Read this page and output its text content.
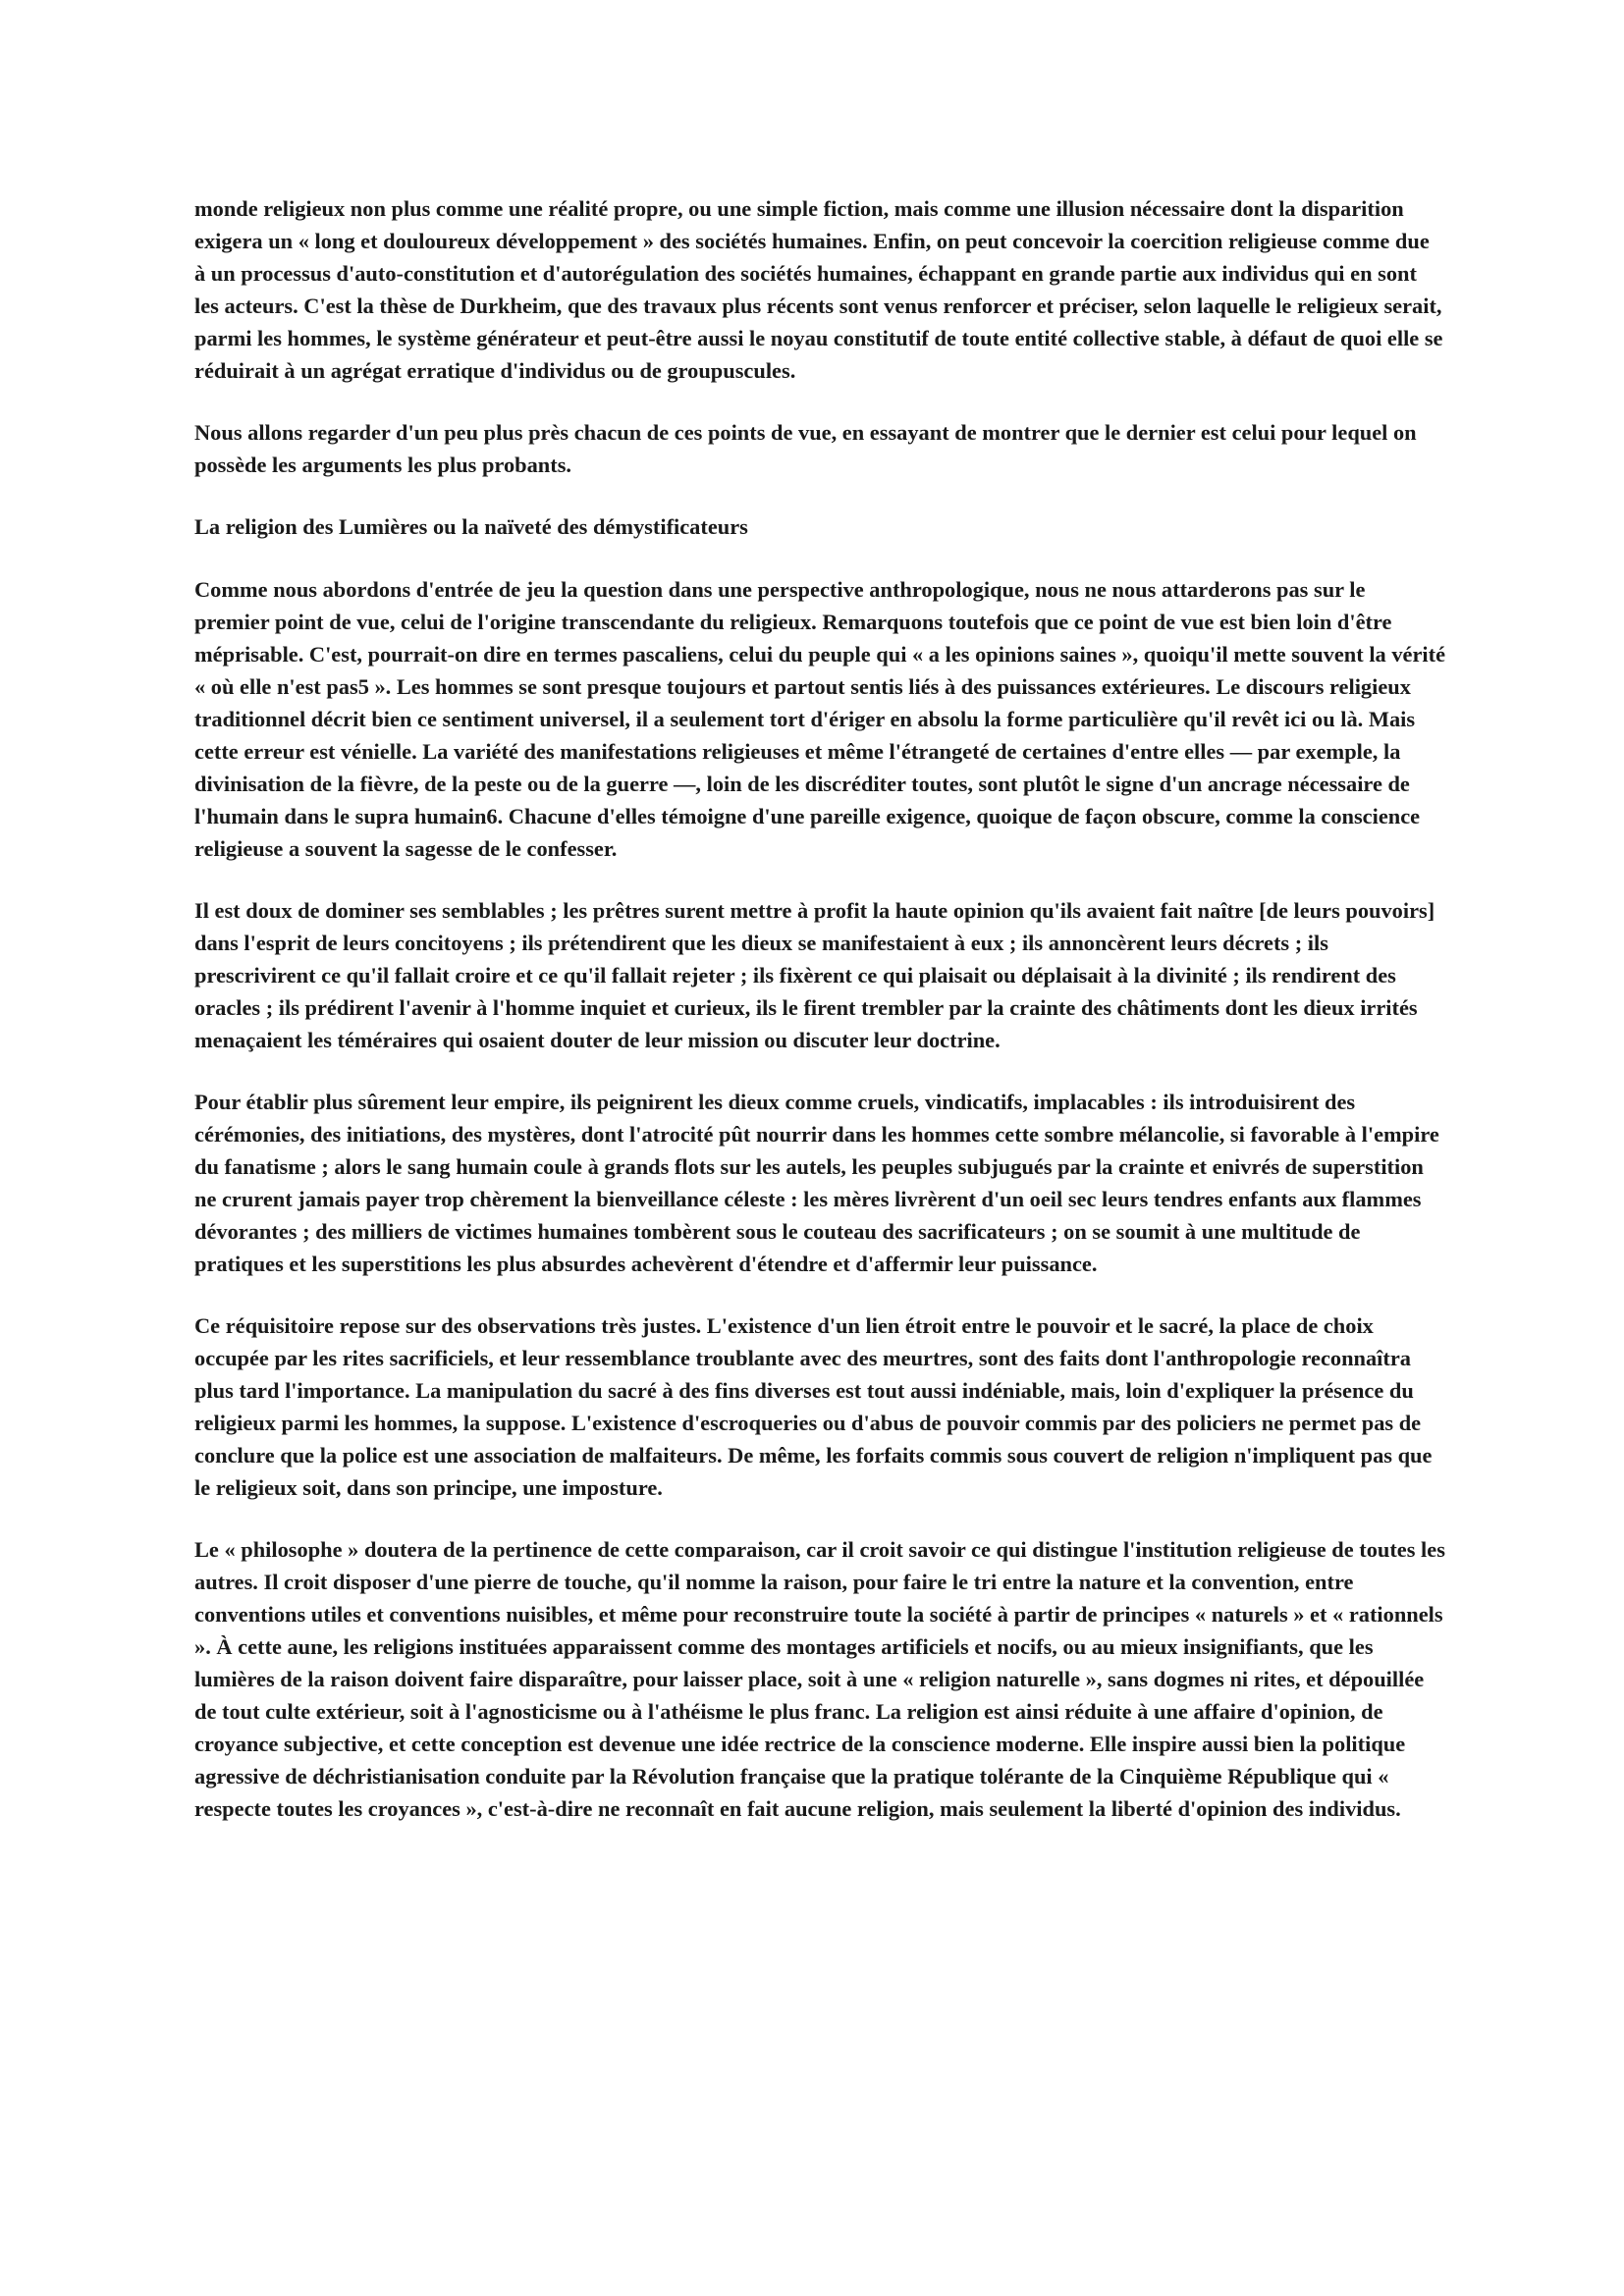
monde religieux non plus comme une réalité propre, ou une simple fiction, mais comme une illusion nécessaire dont la disparition exigera un « long et douloureux développement » des sociétés humaines. Enfin, on peut concevoir la coercition religieuse comme due à un processus d'auto-constitution et d'autorégulation des sociétés humaines, échappant en grande partie aux individus qui en sont les acteurs. C'est la thèse de Durkheim, que des travaux plus récents sont venus renforcer et préciser, selon laquelle le religieux serait, parmi les hommes, le système générateur et peut-être aussi le noyau constitutif de toute entité collective stable, à défaut de quoi elle se réduirait à un agrégat erratique d'individus ou de groupuscules.

Nous allons regarder d'un peu plus près chacun de ces points de vue, en essayant de montrer que le dernier est celui pour lequel on possède les arguments les plus probants.

La religion des Lumières ou la naïveté des démystificateurs

Comme nous abordons d'entrée de jeu la question dans une perspective anthropologique, nous ne nous attarderons pas sur le premier point de vue, celui de l'origine transcendante du religieux. Remarquons toutefois que ce point de vue est bien loin d'être méprisable. C'est, pourrait-on dire en termes pascaliens, celui du peuple qui « a les opinions saines », quoiqu'il mette souvent la vérité « où elle n'est pas5 ». Les hommes se sont presque toujours et partout sentis liés à des puissances extérieures. Le discours religieux traditionnel décrit bien ce sentiment universel, il a seulement tort d'ériger en absolu la forme particulière qu'il revêt ici ou là. Mais cette erreur est vénielle. La variété des manifestations religieuses et même l'étrangeté de certaines d'entre elles — par exemple, la divinisation de la fièvre, de la peste ou de la guerre —, loin de les discréditer toutes, sont plutôt le signe d'un ancrage nécessaire de l'humain dans le supra humain6. Chacune d'elles témoigne d'une pareille exigence, quoique de façon obscure, comme la conscience religieuse a souvent la sagesse de le confesser.

Il est doux de dominer ses semblables ; les prêtres surent mettre à profit la haute opinion qu'ils avaient fait naître [de leurs pouvoirs] dans l'esprit de leurs concitoyens ; ils prétendirent que les dieux se manifestaient à eux ; ils annoncèrent leurs décrets ; ils prescrivirent ce qu'il fallait croire et ce qu'il fallait rejeter ; ils fixèrent ce qui plaisait ou déplaisait à la divinité ; ils rendirent des oracles ; ils prédirent l'avenir à l'homme inquiet et curieux, ils le firent trembler par la crainte des châtiments dont les dieux irrités menaçaient les téméraires qui osaient douter de leur mission ou discuter leur doctrine.

Pour établir plus sûrement leur empire, ils peignirent les dieux comme cruels, vindicatifs, implacables : ils introduisirent des cérémonies, des initiations, des mystères, dont l'atrocité pût nourrir dans les hommes cette sombre mélancolie, si favorable à l'empire du fanatisme ; alors le sang humain coule à grands flots sur les autels, les peuples subjugués par la crainte et enivrés de superstition ne crurent jamais payer trop chèrement la bienveillance céleste : les mères livrèrent d'un oeil sec leurs tendres enfants aux flammes dévorantes ; des milliers de victimes humaines tombèrent sous le couteau des sacrificateurs ; on se soumit à une multitude de pratiques et les superstitions les plus absurdes achevèrent d'étendre et d'affermir leur puissance.

Ce réquisitoire repose sur des observations très justes. L'existence d'un lien étroit entre le pouvoir et le sacré, la place de choix occupée par les rites sacrificiels, et leur ressemblance troublante avec des meurtres, sont des faits dont l'anthropologie reconnaîtra plus tard l'importance. La manipulation du sacré à des fins diverses est tout aussi indéniable, mais, loin d'expliquer la présence du religieux parmi les hommes, la suppose. L'existence d'escroqueries ou d'abus de pouvoir commis par des policiers ne permet pas de conclure que la police est une association de malfaiteurs. De même, les forfaits commis sous couvert de religion n'impliquent pas que le religieux soit, dans son principe, une imposture.

Le « philosophe » doutera de la pertinence de cette comparaison, car il croit savoir ce qui distingue l'institution religieuse de toutes les autres. Il croit disposer d'une pierre de touche, qu'il nomme la raison, pour faire le tri entre la nature et la convention, entre conventions utiles et conventions nuisibles, et même pour reconstruire toute la société à partir de principes « naturels » et « rationnels ». À cette aune, les religions instituées apparaissent comme des montages artificiels et nocifs, ou au mieux insignifiants, que les lumières de la raison doivent faire disparaître, pour laisser place, soit à une « religion naturelle », sans dogmes ni rites, et dépouillée de tout culte extérieur, soit à l'agnosticisme ou à l'athéisme le plus franc. La religion est ainsi réduite à une affaire d'opinion, de croyance subjective, et cette conception est devenue une idée rectrice de la conscience moderne. Elle inspire aussi bien la politique agressive de déchristianisation conduite par la Révolution française que la pratique tolérante de la Cinquième République qui « respecte toutes les croyances », c'est-à-dire ne reconnaît en fait aucune religion, mais seulement la liberté d'opinion des individus.
